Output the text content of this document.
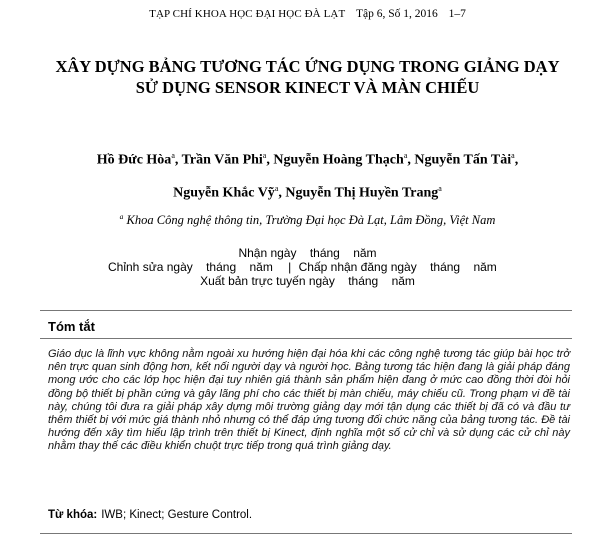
TẠP CHÍ KHOA HỌC ĐẠI HỌC ĐÀ LẠT Tập 6, Số 1, 2016 1–7
XÂY DỰNG BẢNG TƯƠNG TÁC ỨNG DỤNG TRONG GIẢNG DẠY
SỬ DỤNG SENSOR KINECT VÀ MÀN CHIẾU
Hồ Đức Hòa$^a$, Trần Văn Phi$^a$, Nguyễn Hoàng Thạch$^a$, Nguyễn Tấn Tài$^a$,
Nguyễn Khắc Vỹ$^a$, Nguyễn Thị Huyền Trang$^a$
$^a$ Khoa Công nghệ thông tin, Trường Đại học Đà Lạt, Lâm Đồng, Việt Nam
Nhận ngày tháng năm
Chỉnh sửa ngày tháng năm | Chấp nhận đăng ngày tháng năm
Xuất bản trực tuyến ngày tháng năm
Tóm tắt
Giáo dục là lĩnh vực không nằm ngoài xu hướng hiện đại hóa khi các công nghệ tương tác giúp bài học trở nên trực quan sinh động hơn, kết nối người dạy và người học. Bảng tương tác hiện đang là giải pháp đáng mong ước cho các lớp học hiện đại tuy nhiên giá thành sản phẩm hiện đang ở mức cao đồng thời đòi hỏi đồng bộ thiết bị phần cứng và gây lãng phí cho các thiết bị màn chiếu, máy chiếu cũ. Trong phạm vi đề tài này, chúng tôi đưa ra giải pháp xây dựng môi trường giảng dạy mới tận dụng các thiết bị đã có và đầu tư thêm thiết bị với mức giá thành nhỏ nhưng có thể đáp ứng tương đối chức năng của bảng tương tác. Đề tài hướng đến xây tìm hiểu lập trình trên thiết bị Kinect, định nghĩa một số cử chỉ và sử dụng các cử chỉ này nhằm thay thế các điều khiển chuột trực tiếp trong quá trình giảng dạy.
Từ khóa: IWB; Kinect; Gesture Control.
